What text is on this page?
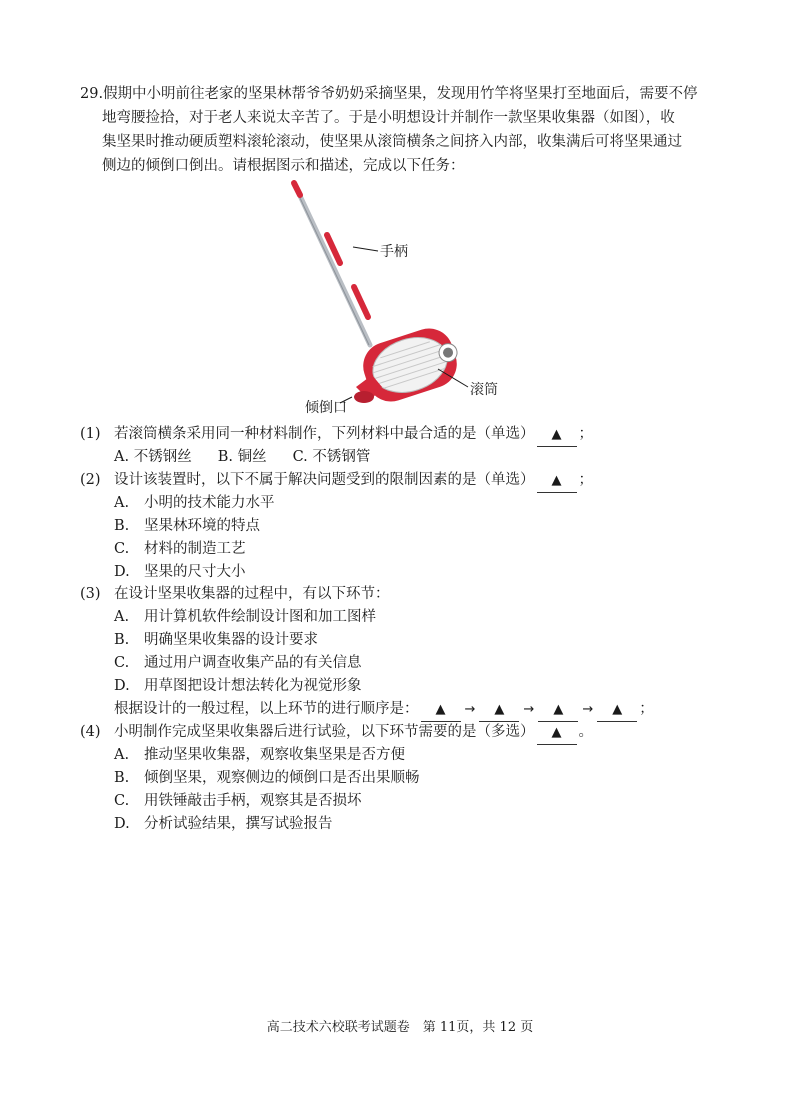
29.假期中小明前往老家的坚果林帮爷爷奶奶采摘坚果，发现用竹竿将坚果打至地面后，需要不停
地弯腰捡拾，对于老人来说太辛苦了。于是小明想设计并制作一款坚果收集器（如图），收
集坚果时推动硬质塑料滚轮滚动，使坚果从滚筒横条之间挤入内部，收集满后可将坚果通过
侧边的倾倒口倒出。请根据图示和描述，完成以下任务：
手柄
滚筒
倾倒口
(1) 若滚筒横条采用同一种材料制作，下列材料中最合适的是（单选） ▲ ；
A. 不锈钢丝 B. 铜丝 C. 不锈钢管
(2) 设计该装置时，以下不属于解决问题受到的限制因素的是（单选） ▲ ；
A. 小明的技术能力水平
B. 坚果林环境的特点
C. 材料的制造工艺
D. 坚果的尺寸大小
(3) 在设计坚果收集器的过程中，有以下环节：
A. 用计算机软件绘制设计图和加工图样
B. 明确坚果收集器的设计要求
C. 通过用户调查收集产品的有关信息
D. 用草图把设计想法转化为视觉形象
根据设计的一般过程，以上环节的进行顺序是： ▲ → ▲ → ▲ → ▲ ；
(4) 小明制作完成坚果收集器后进行试验，以下环节需要的是（多选） ▲ 。
A. 推动坚果收集器，观察收集坚果是否方便
B. 倾倒坚果，观察侧边的倾倒口是否出果顺畅
C. 用铁锤敲击手柄，观察其是否损坏
D. 分析试验结果，撰写试验报告
高二技术六校联考试题卷　第 11页，共 12 页
